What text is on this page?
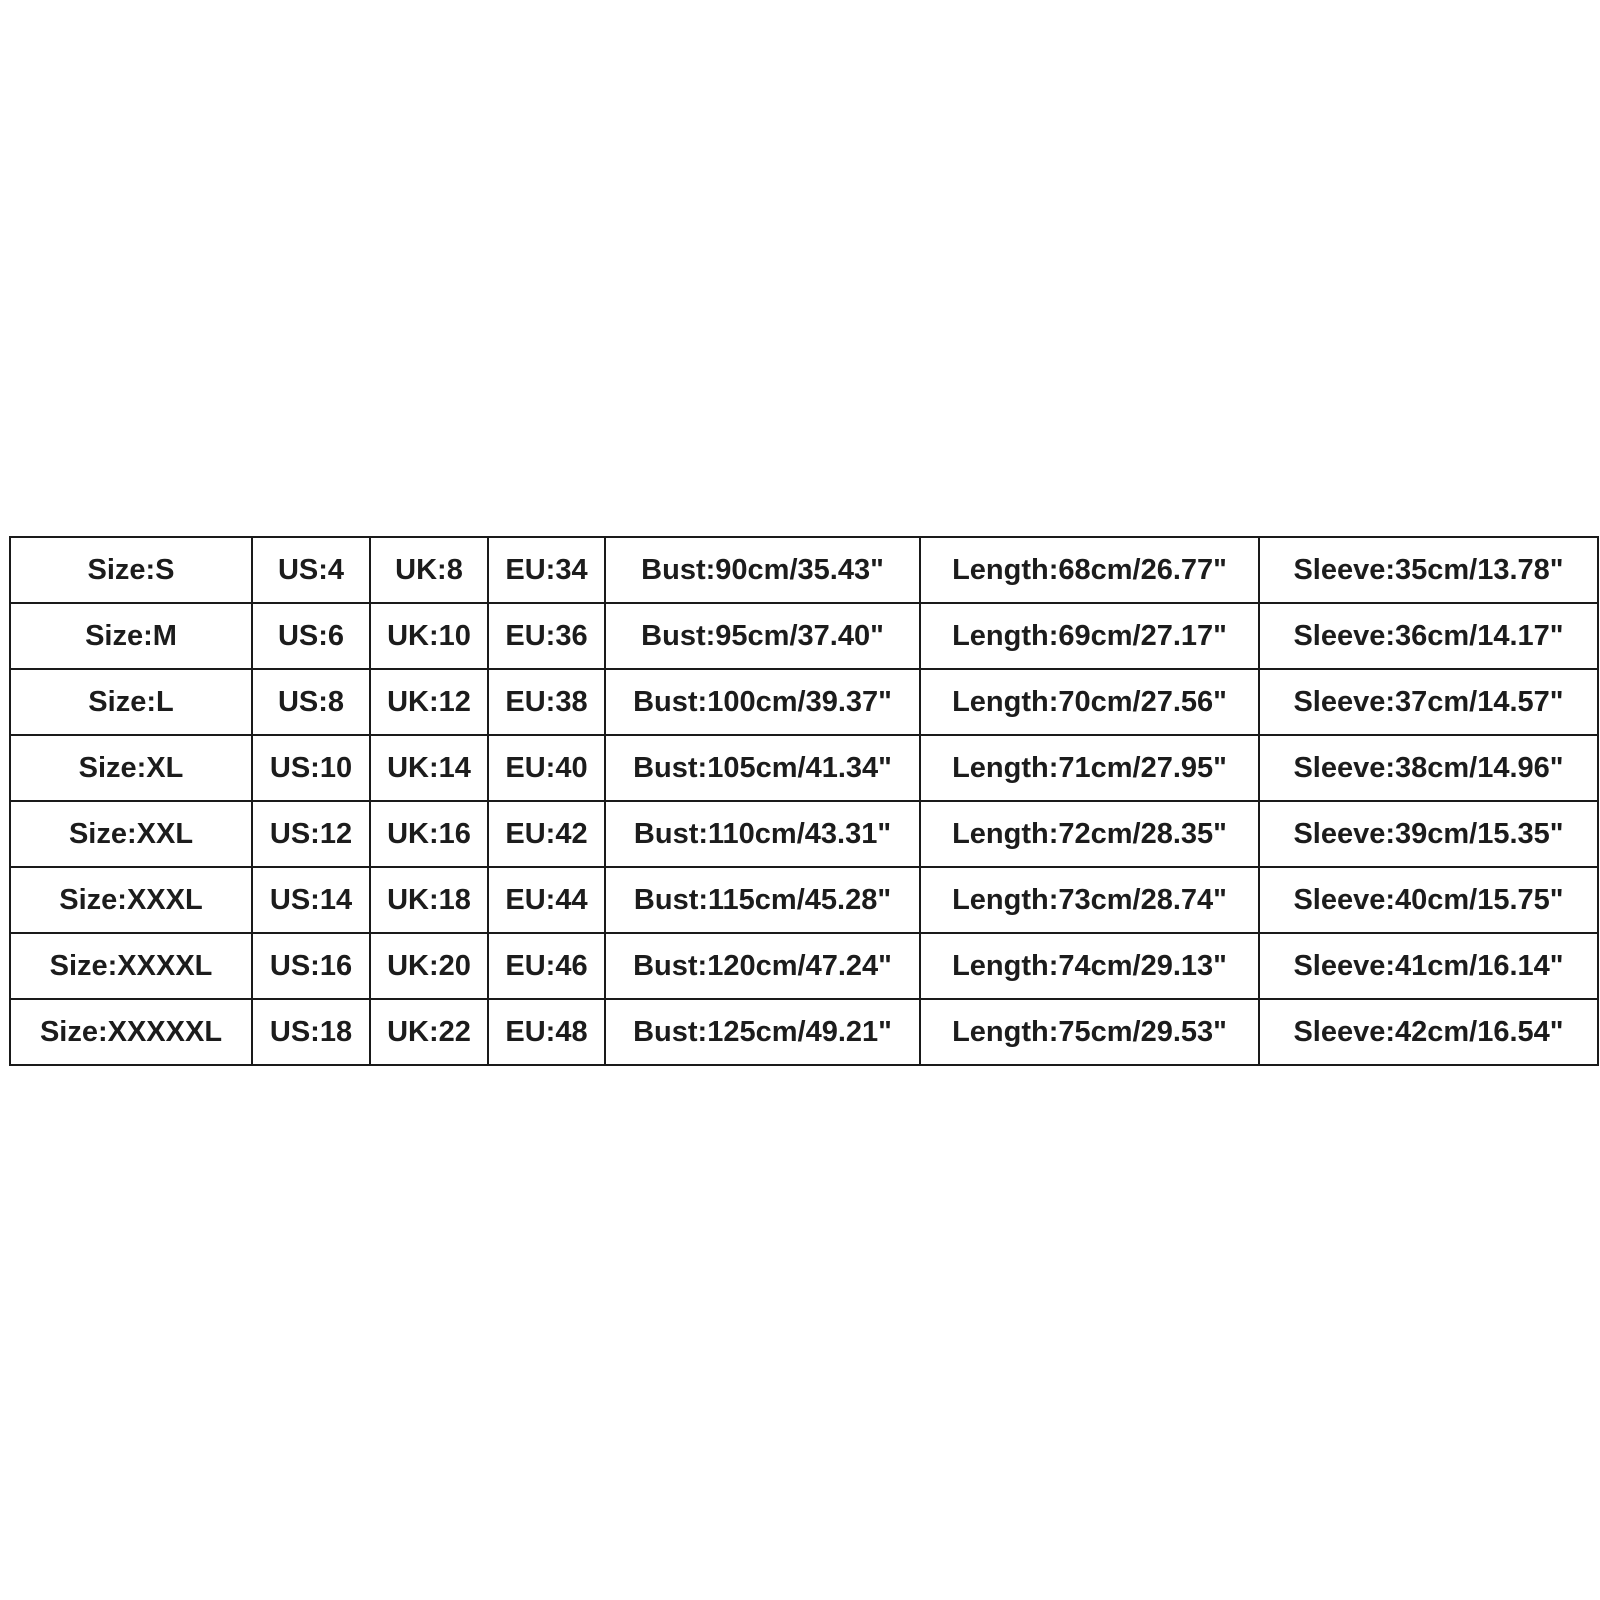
Size:S	US:4	UK:8	EU:34	Bust:90cm/35.43"	Length:68cm/26.77"	Sleeve:35cm/13.78"
Size:M	US:6	UK:10	EU:36	Bust:95cm/37.40"	Length:69cm/27.17"	Sleeve:36cm/14.17"
Size:L	US:8	UK:12	EU:38	Bust:100cm/39.37"	Length:70cm/27.56"	Sleeve:37cm/14.57"
Size:XL	US:10	UK:14	EU:40	Bust:105cm/41.34"	Length:71cm/27.95"	Sleeve:38cm/14.96"
Size:XXL	US:12	UK:16	EU:42	Bust:110cm/43.31"	Length:72cm/28.35"	Sleeve:39cm/15.35"
Size:XXXL	US:14	UK:18	EU:44	Bust:115cm/45.28"	Length:73cm/28.74"	Sleeve:40cm/15.75"
Size:XXXXL	US:16	UK:20	EU:46	Bust:120cm/47.24"	Length:74cm/29.13"	Sleeve:41cm/16.14"
Size:XXXXXL	US:18	UK:22	EU:48	Bust:125cm/49.21"	Length:75cm/29.53"	Sleeve:42cm/16.54"
